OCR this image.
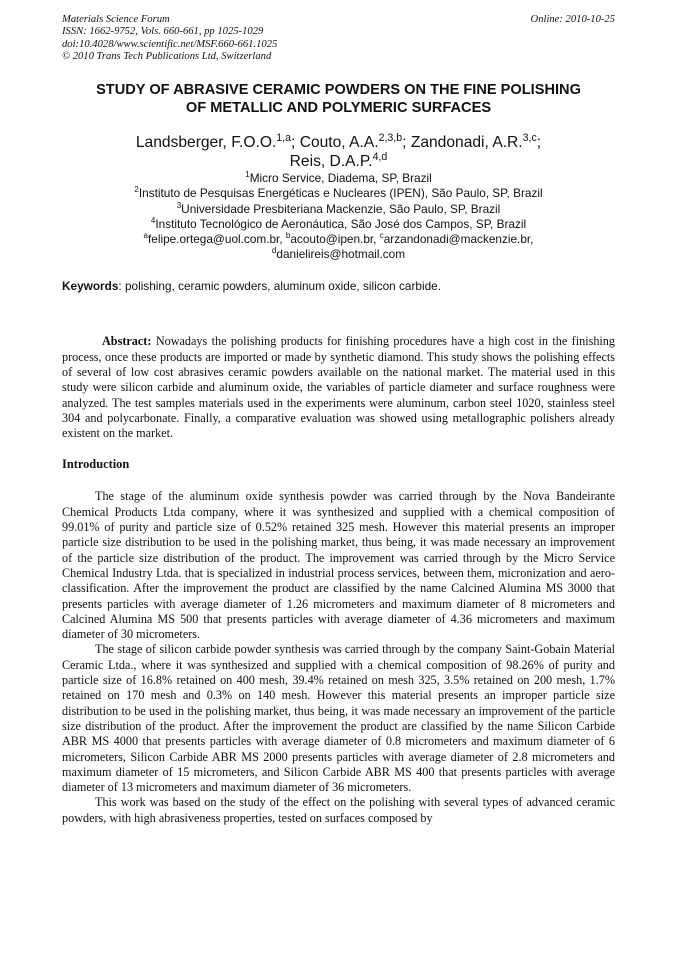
Materials Science Forum
ISSN: 1662-9752, Vols. 660-661, pp 1025-1029
doi:10.4028/www.scientific.net/MSF.660-661.1025
© 2010 Trans Tech Publications Ltd, Switzerland
Online: 2010-10-25
STUDY OF ABRASIVE CERAMIC POWDERS ON THE FINE POLISHING
OF METALLIC AND POLYMERIC SURFACES
Landsberger, F.O.O.$^{1,a}$; Couto, A.A.$^{2,3,b}$; Zandonadi, A.R.$^{3,c}$;
Reis, D.A.P.$^{4,d}$
$^1$Micro Service, Diadema, SP, Brazil
$^2$Instituto de Pesquisas Energéticas e Nucleares (IPEN), São Paulo, SP, Brazil
$^3$Universidade Presbiteriana Mackenzie, São Paulo, SP, Brazil
$^4$Instituto Tecnológico de Aeronáutica, São José dos Campos, SP, Brazil
$^a$felipe.ortega@uol.com.br, $^b$acouto@ipen.br, $^c$arzandonadi@mackenzie.br,
$^d$danielireis@hotmail.com
Keywords: polishing, ceramic powders, aluminum oxide, silicon carbide.
Abstract: Nowadays the polishing products for finishing procedures have a high cost in the finishing process, once these products are imported or made by synthetic diamond. This study shows the polishing effects of several of low cost abrasives ceramic powders available on the national market. The material used in this study were silicon carbide and aluminum oxide, the variables of particle diameter and surface roughness were analyzed. The test samples materials used in the experiments were aluminum, carbon steel 1020, stainless steel 304 and polycarbonate. Finally, a comparative evaluation was showed using metallographic polishers already existent on the market.
Introduction
The stage of the aluminum oxide synthesis powder was carried through by the Nova Bandeirante Chemical Products Ltda company, where it was synthesized and supplied with a chemical composition of 99.01% of purity and particle size of 0.52% retained 325 mesh. However this material presents an improper particle size distribution to be used in the polishing market, thus being, it was made necessary an improvement of the particle size distribution of the product. The improvement was carried through by the Micro Service Chemical Industry Ltda. that is specialized in industrial process services, between them, micronization and aero-classification. After the improvement the product are classified by the name Calcined Alumina MS 3000 that presents particles with average diameter of 1.26 micrometers and maximum diameter of 8 micrometers and Calcined Alumina MS 500 that presents particles with average diameter of 4.36 micrometers and maximum diameter of 30 micrometers.
The stage of silicon carbide powder synthesis was carried through by the company Saint-Gobain Material Ceramic Ltda., where it was synthesized and supplied with a chemical composition of 98.26% of purity and particle size of 16.8% retained on 400 mesh, 39.4% retained on mesh 325, 3.5% retained on 200 mesh, 1.7% retained on 170 mesh and 0.3% on 140 mesh. However this material presents an improper particle size distribution to be used in the polishing market, thus being, it was made necessary an improvement of the particle size distribution of the product. After the improvement the product are classified by the name Silicon Carbide ABR MS 4000 that presents particles with average diameter of 0.8 micrometers and maximum diameter of 6 micrometers, Silicon Carbide ABR MS 2000 presents particles with average diameter of 2.8 micrometers and maximum diameter of 15 micrometers, and Silicon Carbide ABR MS 400 that presents particles with average diameter of 13 micrometers and maximum diameter of 36 micrometers.
This work was based on the study of the effect on the polishing with several types of advanced ceramic powders, with high abrasiveness properties, tested on surfaces composed by
